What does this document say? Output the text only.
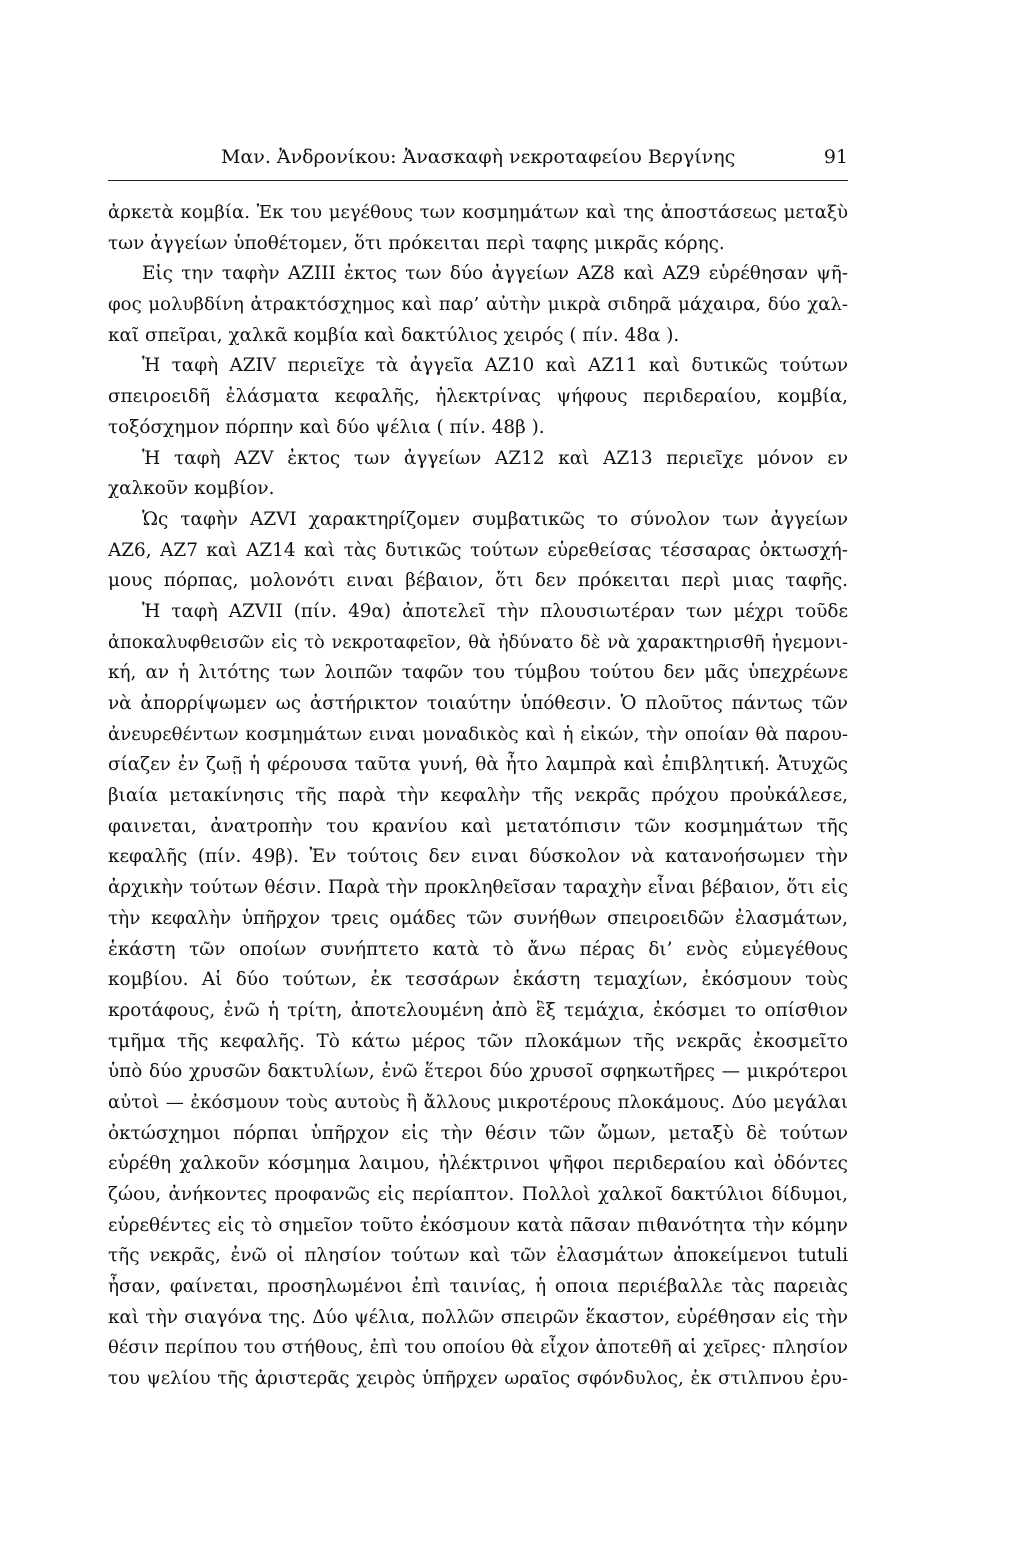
Μαν. Ἀνδρονίκου: Ἀνασκαφὴ νεκροταφείου Βεργίνης	91
ἀρκετὰ κομβία. Ἐκ του μεγέθους των κοσμημάτων καὶ της ἀποστάσεως μεταξὺ
των ἀγγείων ὑποθέτομεν, ὅτι πρόκειται περὶ ταφης μικρᾶς κόρης.
Εἰς την ταφὴν ΑΖΙΙΙ ἐκτος των δύο ἀγγείων ΑΖ8 καὶ ΑΖ9 εὑρέθησαν ψῆ-
φος μολυβδίνη ἀτρακτόσχημος καὶ παρ’ αὐτὴν μικρὰ σιδηρᾶ μάχαιρα, δύο χαλ-
καῖ σπεῖραι, χαλκᾶ κομβία καὶ δακτύλιος χειρός ( πίν. 48α ).
Ἡ ταφὴ ΑΖΙV περιεῖχε τὰ ἀγγεῖα ΑΖ10 καὶ ΑΖ11 καὶ δυτικῶς τούτων
σπειροειδῆ ἐλάσματα κεφαλῆς, ἠλεκτρίνας ψήφους περιδεραίου, κομβία,
τοξόσχημον πόρπην καὶ δύο ψέλια ( πίν. 48β ).
Ἡ ταφὴ ΑΖV ἐκτος των ἀγγείων ΑΖ12 καὶ ΑΖ13 περιεῖχε μόνον εν
χαλκοῦν κομβίον.
Ὡς ταφὴν ΑΖVΙ χαρακτηρίζομεν συμβατικῶς το σύνολον των ἀγγείων
ΑΖ6, ΑΖ7 καὶ ΑΖ14 καὶ τὰς δυτικῶς τούτων εὑρεθείσας τέσσαρας ὀκτωσχή-
μους πόρπας, μολονότι ειναι βέβαιον, ὅτι δεν πρόκειται περὶ μιας ταφῆς.
Ἡ ταφὴ ΑΖVΙΙ (πίν. 49α) ἀποτελεῖ τὴν πλουσιωτέραν των μέχρι τοῦδε
ἀποκαλυφθεισῶν εἰς τὸ νεκροταφεῖον, θὰ ἠδύνατο δὲ νὰ χαρακτηρισθῆ ἡγεμονι-
κή, αν ἡ λιτότης των λοιπῶν ταφῶν του τύμβου τούτου δεν μᾶς ὑπεχρέωνε
νὰ ἀπορρίψωμεν ως ἀστήρικτον τοιαύτην ὑπόθεσιν. Ὁ πλοῦτος πάντως τῶν
ἀνευρεθέντων κοσμημάτων ειναι μοναδικὸς καὶ ἡ εἰκών, τὴν οποίαν θὰ παρου-
σίαζεν ἐν ζωῇ ἡ φέρουσα ταῦτα γυνή, θὰ ἦτο λαμπρὰ καὶ ἐπιβλητική. Ἀτυχῶς
βιαία μετακίνησις τῆς παρὰ τὴν κεφαλὴν τῆς νεκρᾶς πρόχου προὐκάλεσε,
φαινεται, ἀνατροπὴν του κρανίου καὶ μετατόπισιν τῶν κοσμημάτων τῆς
κεφαλῆς (πίν. 49β). Ἐν τούτοις δεν ειναι δύσκολον νὰ κατανοήσωμεν τὴν
ἀρχικὴν τούτων θέσιν. Παρὰ τὴν προκληθεῖσαν ταραχὴν εἶναι βέβαιον, ὅτι εἰς
τὴν κεφαλὴν ὑπῆρχον τρεις ομάδες τῶν συνήθων σπειροειδῶν ἐλασμάτων,
ἑκάστη τῶν οποίων συνήπτετο κατὰ τὸ ἄνω πέρας δι’ ενὸς εὐμεγέθους
κομβίου. Αἱ δύο τούτων, ἐκ τεσσάρων ἑκάστη τεμαχίων, ἐκόσμουν τοὺς
κροτάφους, ἐνῶ ἡ τρίτη, ἀποτελουμένη ἀπὸ ἓξ τεμάχια, ἐκόσμει το οπίσθιον
τμῆμα τῆς κεφαλῆς. Τὸ κάτω μέρος τῶν πλοκάμων τῆς νεκρᾶς ἐκοσμεῖτο
ὑπὸ δύο χρυσῶν δακτυλίων, ἐνῶ ἕτεροι δύο χρυσοῖ σφηκωτῆρες — μικρότεροι
αὐτοὶ — ἐκόσμουν τοὺς αυτοὺς ἢ ἄλλους μικροτέρους πλοκάμους. Δύο μεγάλαι
ὀκτώσχημοι πόρπαι ὑπῆρχον εἰς τὴν θέσιν τῶν ὤμων, μεταξὺ δὲ τούτων
εὑρέθη χαλκοῦν κόσμημα λαιμου, ἠλέκτρινοι ψῆφοι περιδεραίου καὶ ὀδόντες
ζώου, ἀνήκοντες προφανῶς εἰς περίαπτον. Πολλοὶ χαλκοῖ δακτύλιοι δίδυμοι,
εὑρεθέντες εἰς τὸ σημεῖον τοῦτο ἐκόσμουν κατὰ πᾶσαν πιθανότητα τὴν κόμην
τῆς νεκρᾶς, ἐνῶ οἱ πλησίον τούτων καὶ τῶν ἐλασμάτων ἀποκείμενοι tutuli
ἦσαν, φαίνεται, προσηλωμένοι ἐπὶ ταινίας, ἡ οποια περιέβαλλε τὰς παρειὰς
καὶ τὴν σιαγόνα της. Δύο ψέλια, πολλῶν σπειρῶν ἕκαστον, εὑρέθησαν εἰς τὴν
θέσιν περίπου του στήθους, ἐπὶ του οποίου θὰ εἶχον ἀποτεθῆ αἱ χεῖρες· πλησίον
του ψελίου τῆς ἀριστερᾶς χειρὸς ὑπῆρχεν ωραῖος σφόνδυλος, ἐκ στιλπνου ἐρυ-
